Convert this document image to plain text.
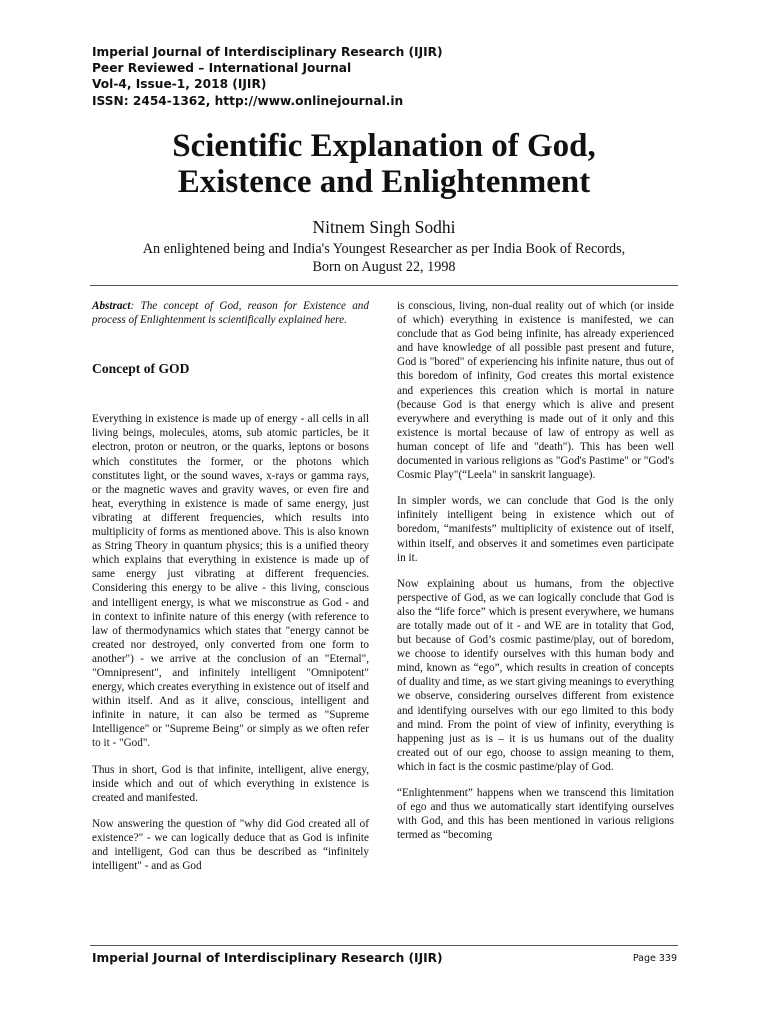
Imperial Journal of Interdisciplinary Research (IJIR)
Peer Reviewed – International Journal
Vol-4, Issue-1, 2018 (IJIR)
ISSN: 2454-1362, http://www.onlinejournal.in
Scientific Explanation of God,
Existence and Enlightenment
Nitnem Singh Sodhi
An enlightened being and India's Youngest Researcher as per India Book of Records,
Born on August 22, 1998

Abstract: The concept of God, reason for Existence and process of Enlightenment is scientifically explained here.

Concept of GOD

Everything in existence is made up of energy - all cells in all living beings, molecules, atoms, sub atomic particles, be it electron, proton or neutron, or the quarks, leptons or bosons which constitutes the former, or the photons which constitutes light, or the sound waves, x-rays or gamma rays, or the magnetic waves and gravity waves, or even fire and heat, everything in existence is made of same energy, just vibrating at different frequencies, which results into multiplicity of forms as mentioned above. This is also known as String Theory in quantum physics; this is a unified theory which explains that everything in existence is made up of same energy just vibrating at different frequencies. Considering this energy to be alive - this living, conscious and intelligent energy, is what we misconstrue as God - and in context to infinite nature of this energy (with reference to law of thermodynamics which states that "energy cannot be created nor destroyed, only converted from one form to another") - we arrive at the conclusion of an "Eternal", "Omnipresent", and infinitely intelligent "Omnipotent" energy, which creates everything in existence out of itself and within itself. And as it alive, conscious, intelligent and infinite in nature, it can also be termed as "Supreme Intelligence" or "Supreme Being" or simply as we often refer to it - "God".

Thus in short, God is that infinite, intelligent, alive energy, inside which and out of which everything in existence is created and manifested.

Now answering the question of "why did God created all of existence?" - we can logically deduce that as God is infinite and intelligent, God can thus be described as “infinitely intelligent" - and as God

is conscious, living, non-dual reality out of which (or inside of which) everything in existence is manifested, we can conclude that as God being infinite, has already experienced and have knowledge of all possible past present and future, God is "bored" of experiencing his infinite nature, thus out of this boredom of infinity, God creates this mortal existence and experiences this creation which is mortal in nature (because God is that energy which is alive and present everywhere and everything is made out of it only and this existence is mortal because of law of entropy as well as human concept of life and "death"). This has been well documented in various religions as "God's Pastime" or "God's Cosmic Play"(“Leela" in sanskrit language).

In simpler words, we can conclude that God is the only infinitely intelligent being in existence which out of boredom, “manifests” multiplicity of existence out of itself, within itself, and observes it and sometimes even participate in it.

Now explaining about us humans, from the objective perspective of God, as we can logically conclude that God is also the “life force” which is present everywhere, we humans are totally made out of it - and WE are in totality that God, but because of God’s cosmic pastime/play, out of boredom, we choose to identify ourselves with this human body and mind, known as “ego”, which results in creation of concepts of duality and time, as we start giving meanings to everything we observe, considering ourselves different from existence and identifying ourselves with our ego limited to this body and mind. From the point of view of infinity, everything is happening just as is – it is us humans out of the duality created out of our ego, choose to assign meaning to them, which in fact is the cosmic pastime/play of God.

“Enlightenment” happens when we transcend this limitation of ego and thus we automatically start identifying ourselves with God, and this has been mentioned in various religions termed as “becoming

Imperial Journal of Interdisciplinary Research (IJIR)	Page 339
